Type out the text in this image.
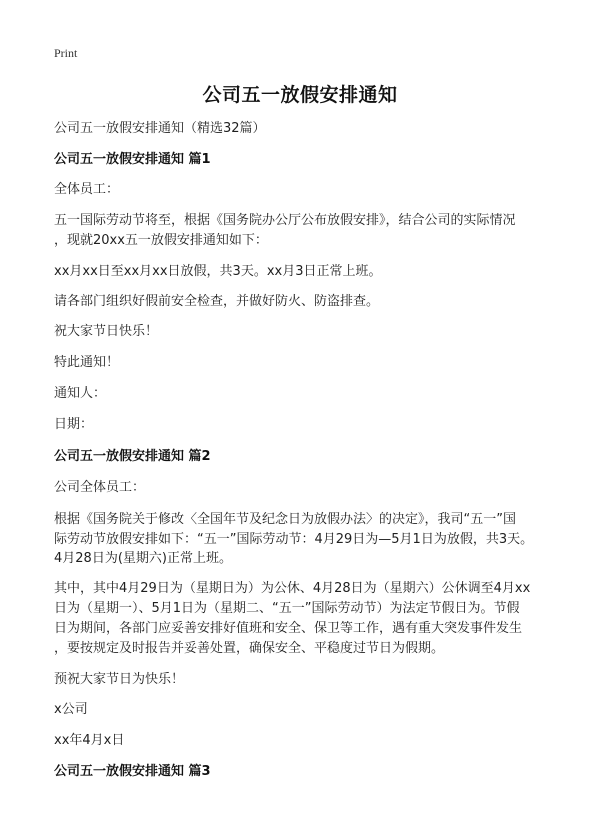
Print
公司五一放假安排通知
公司五一放假安排通知（精选32篇）
公司五一放假安排通知 篇1
全体员工：
五一国际劳动节将至，根据《国务院办公厅公布放假安排》，结合公司的实际情况
，现就20xx五一放假安排通知如下：
xx月xx日至xx月xx日放假，共3天。xx月3日正常上班。
请各部门组织好假前安全检查，并做好防火、防盗排查。
祝大家节日快乐！
特此通知！
通知人：
日期：
公司五一放假安排通知 篇2
公司全体员工：
根据《国务院关于修改〈全国年节及纪念日为放假办法〉的决定》，我司“五一”国
际劳动节放假安排如下：“五一”国际劳动节：4月29日为—5月1日为放假，共3天。
4月28日为(星期六)正常上班。
其中，其中4月29日为（星期日为）为公休、4月28日为（星期六）公休调至4月xx
日为（星期一）、5月1日为（星期二、“五一”国际劳动节）为法定节假日为。节假
日为期间，各部门应妥善安排好值班和安全、保卫等工作，遇有重大突发事件发生
，要按规定及时报告并妥善处置，确保安全、平稳度过节日为假期。
预祝大家节日为快乐！
x公司
xx年4月x日
公司五一放假安排通知 篇3
